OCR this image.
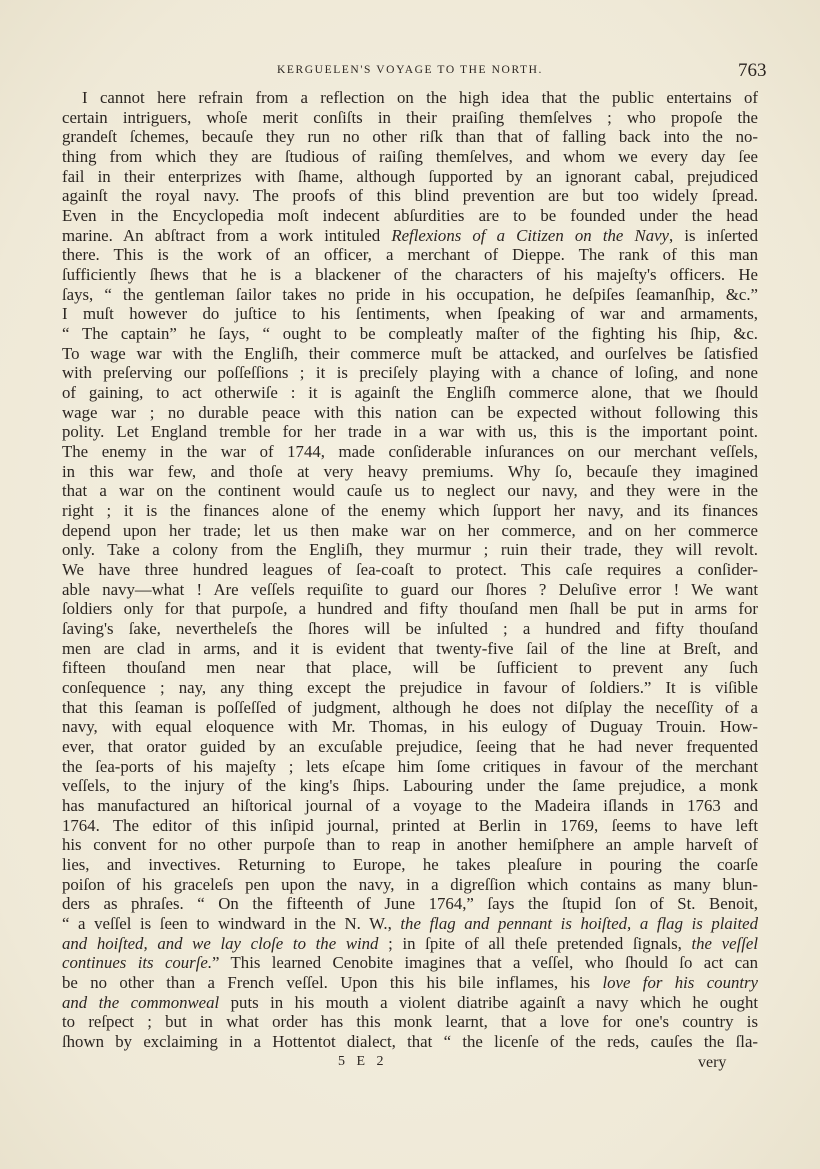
KERGUELEN'S VOYAGE TO THE NORTH.	763
I cannot here refrain from a reflection on the high idea that the public entertains of
certain intriguers, whoſe merit conſiſts in their praiſing themſelves ; who propoſe the
grandeſt ſchemes, becauſe they run no other riſk than that of falling back into the no-
thing from which they are ſtudious of raiſing themſelves, and whom we every day ſee
fail in their enterprizes with ſhame, although ſupported by an ignorant cabal, prejudiced
againſt the royal navy. The proofs of this blind prevention are but too widely ſpread.
Even in the Encyclopedia moſt indecent abſurdities are to be founded under the head
marine. An abſtract from a work intituled Reflexions of a Citizen on the Navy, is inſerted
there. This is the work of an officer, a merchant of Dieppe. The rank of this man
ſufficiently ſhews that he is a blackener of the characters of his majeſty's officers. He
ſays, “ the gentleman ſailor takes no pride in his occupation, he deſpiſes ſeamanſhip, &c.”
I muſt however do juſtice to his ſentiments, when ſpeaking of war and armaments,
“ The captain” he ſays, “ ought to be compleatly maſter of the fighting his ſhip, &c.
To wage war with the Engliſh, their commerce muſt be attacked, and ourſelves be ſatisfied
with preſerving our poſſeſſions ; it is preciſely playing with a chance of loſing, and none
of gaining, to act otherwiſe : it is againſt the Engliſh commerce alone, that we ſhould
wage war ; no durable peace with this nation can be expected without following this
polity. Let England tremble for her trade in a war with us, this is the important point.
The enemy in the war of 1744, made conſiderable inſurances on our merchant veſſels,
in this war few, and thoſe at very heavy premiums. Why ſo, becauſe they imagined
that a war on the continent would cauſe us to neglect our navy, and they were in the
right ; it is the finances alone of the enemy which ſupport her navy, and its finances
depend upon her trade; let us then make war on her commerce, and on her commerce
only. Take a colony from the Engliſh, they murmur ; ruin their trade, they will revolt.
We have three hundred leagues of ſea-coaſt to protect. This caſe requires a conſider-
able navy—what ! Are veſſels requiſite to guard our ſhores ? Deluſive error ! We want
ſoldiers only for that purpoſe, a hundred and fifty thouſand men ſhall be put in arms for
ſaving's ſake, nevertheleſs the ſhores will be inſulted ; a hundred and fifty thouſand
men are clad in arms, and it is evident that twenty-five ſail of the line at Breſt, and
fifteen thouſand men near that place, will be ſufficient to prevent any ſuch
conſequence ; nay, any thing except the prejudice in favour of ſoldiers.” It is viſible
that this ſeaman is poſſeſſed of judgment, although he does not diſplay the neceſſity of a
navy, with equal eloquence with Mr. Thomas, in his eulogy of Duguay Trouin. How-
ever, that orator guided by an excuſable prejudice, ſeeing that he had never frequented
the ſea-ports of his majeſty ; lets eſcape him ſome critiques in favour of the merchant
veſſels, to the injury of the king's ſhips. Labouring under the ſame prejudice, a monk
has manufactured an hiſtorical journal of a voyage to the Madeira iſlands in 1763 and
1764. The editor of this inſipid journal, printed at Berlin in 1769, ſeems to have left
his convent for no other purpoſe than to reap in another hemiſphere an ample harveſt of
lies, and invectives. Returning to Europe, he takes pleaſure in pouring the coarſe
poiſon of his graceleſs pen upon the navy, in a digreſſion which contains as many blun-
ders as phraſes. “ On the fifteenth of June 1764,” ſays the ſtupid ſon of St. Benoit,
“ a veſſel is ſeen to windward in the N. W., the flag and pennant is hoiſted, a flag is plaited
and hoiſted, and we lay cloſe to the wind ; in ſpite of all theſe pretended ſignals, the veſſel
continues its courſe.” This learned Cenobite imagines that a veſſel, who ſhould ſo act can
be no other than a French veſſel. Upon this his bile inflames, his love for his country
and the commonweal puts in his mouth a violent diatribe againſt a navy which he ought
to reſpect ; but in what order has this monk learnt, that a love for one's country is
ſhown by exclaiming in a Hottentot dialect, that “ the licenſe of the reds, cauſes the ſla-
5 E 2	very
